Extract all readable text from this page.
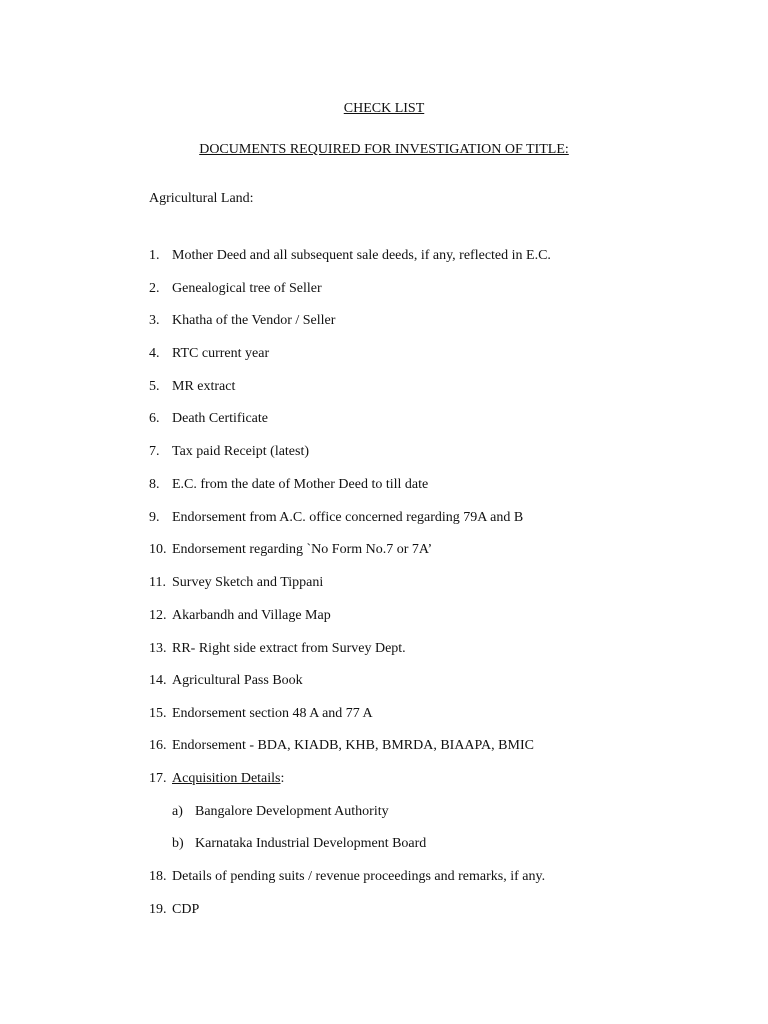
CHECK LIST
DOCUMENTS REQUIRED FOR INVESTIGATION OF TITLE:
Agricultural Land:
1. Mother Deed and all subsequent sale deeds, if any, reflected in E.C.
2. Genealogical tree of Seller
3. Khatha of the Vendor / Seller
4. RTC current year
5. MR extract
6. Death Certificate
7. Tax paid Receipt (latest)
8. E.C. from the date of Mother Deed to till date
9. Endorsement from A.C. office concerned regarding 79A and B
10. Endorsement regarding `No Form No.7 or 7A’
11. Survey Sketch and Tippani
12. Akarbandh and Village Map
13. RR- Right side extract from Survey Dept.
14. Agricultural Pass Book
15. Endorsement section 48 A and 77 A
16. Endorsement - BDA, KIADB, KHB, BMRDA, BIAAPA, BMIC
17. Acquisition Details:
a) Bangalore Development Authority
b) Karnataka Industrial Development Board
18. Details of pending suits / revenue proceedings and remarks, if any.
19. CDP
